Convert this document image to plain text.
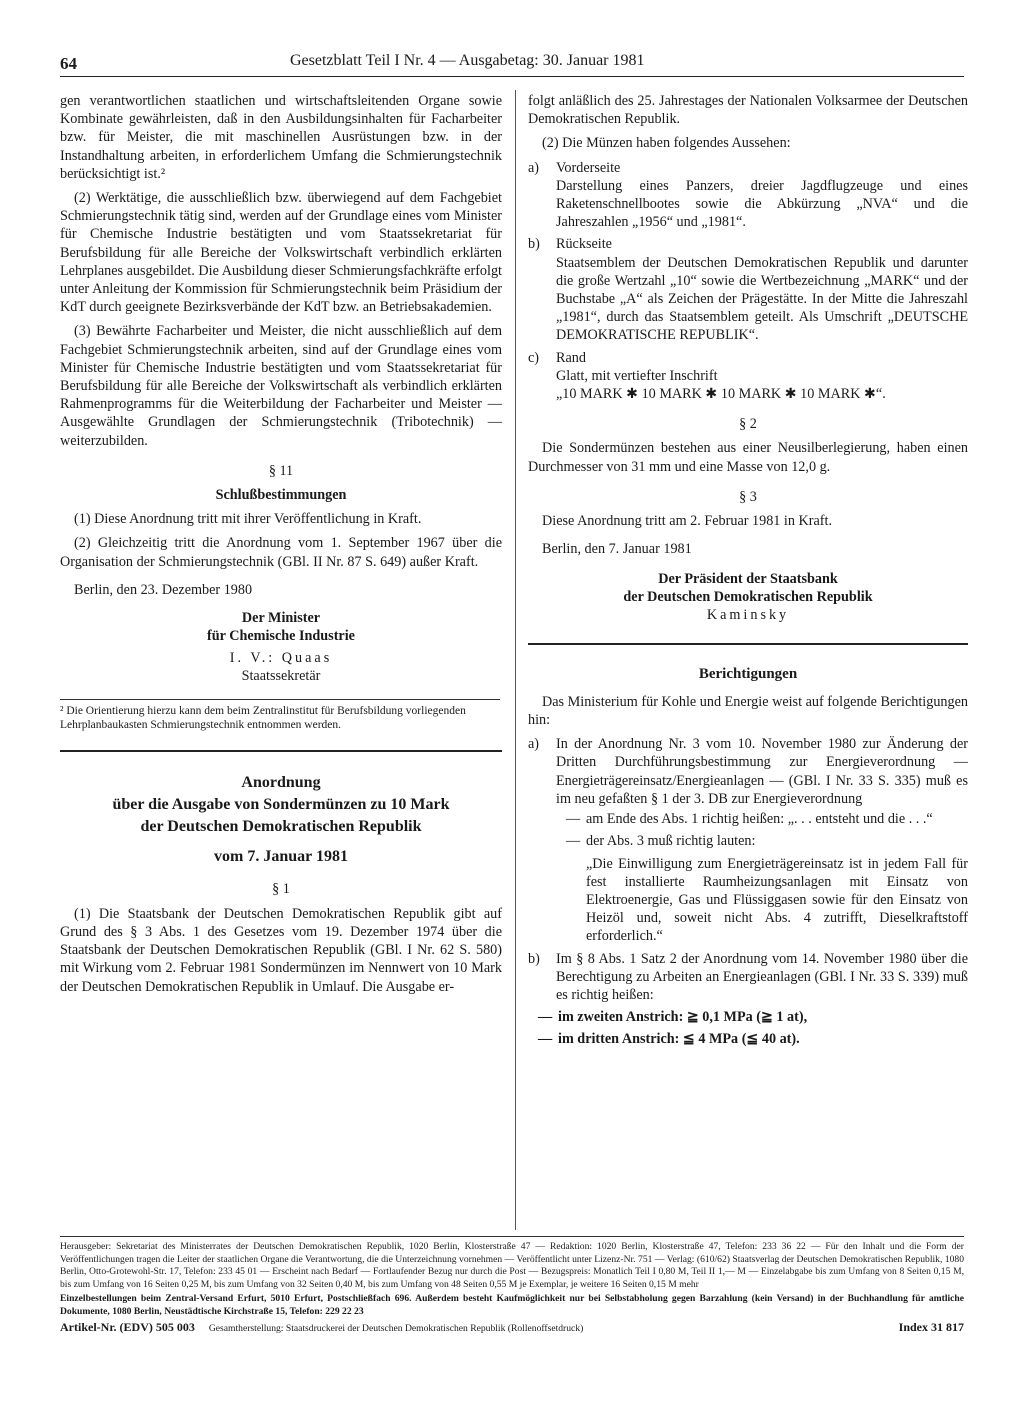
64	Gesetzblatt Teil I Nr. 4 — Ausgabetag: 30. Januar 1981

gen verantwortlichen staatlichen und wirtschaftsleitenden Organe sowie Kombinate gewährleisten, daß in den Ausbildungsinhalten für Facharbeiter bzw. für Meister, die mit maschinellen Ausrüstungen bzw. in der Instandhaltung arbeiten, in erforderlichem Umfang die Schmierungstechnik berücksichtigt ist.²

(2) Werktätige, die ausschließlich bzw. überwiegend auf dem Fachgebiet Schmierungstechnik tätig sind, werden auf der Grundlage eines vom Minister für Chemische Industrie bestätigten und vom Staatssekretariat für Berufsbildung für alle Bereiche der Volkswirtschaft verbindlich erklärten Lehrplanes ausgebildet. Die Ausbildung dieser Schmierungsfachkräfte erfolgt unter Anleitung der Kommission für Schmierungstechnik beim Präsidium der KdT durch geeignete Bezirksverbände der KdT bzw. an Betriebsakademien.

(3) Bewährte Facharbeiter und Meister, die nicht ausschließlich auf dem Fachgebiet Schmierungstechnik arbeiten, sind auf der Grundlage eines vom Minister für Chemische Industrie bestätigten und vom Staatssekretariat für Berufsbildung für alle Bereiche der Volkswirtschaft als verbindlich erklärten Rahmenprogramms für die Weiterbildung der Facharbeiter und Meister — Ausgewählte Grundlagen der Schmierungstechnik (Tribotechnik) — weiterzubilden.

§ 11
Schlußbestimmungen

(1) Diese Anordnung tritt mit ihrer Veröffentlichung in Kraft.

(2) Gleichzeitig tritt die Anordnung vom 1. September 1967 über die Organisation der Schmierungstechnik (GBl. II Nr. 87 S. 649) außer Kraft.

Berlin, den 23. Dezember 1980

Der Minister
für Chemische Industrie
I. V.: Quaas
Staatssekretär
² Die Orientierung hierzu kann dem beim Zentralinstitut für Berufsbildung vorliegenden Lehrplanbaukasten Schmierungstechnik entnommen werden.
Anordnung
über die Ausgabe von Sondermünzen zu 10 Mark
der Deutschen Demokratischen Republik
vom 7. Januar 1981
§ 1

(1) Die Staatsbank der Deutschen Demokratischen Republik gibt auf Grund des § 3 Abs. 1 des Gesetzes vom 19. Dezember 1974 über die Staatsbank der Deutschen Demokratischen Republik (GBl. I Nr. 62 S. 580) mit Wirkung vom 2. Februar 1981 Sondermünzen im Nennwert von 10 Mark der Deutschen Demokratischen Republik in Umlauf. Die Ausgabe er-

folgt anläßlich des 25. Jahrestages der Nationalen Volksarmee der Deutschen Demokratischen Republik.

(2) Die Münzen haben folgendes Aussehen:

a)	Vorderseite
Darstellung eines Panzers, dreier Jagdflugzeuge und eines Raketenschnellbootes sowie die Abkürzung „NVA“ und die Jahreszahlen „1956“ und „1981“.
b)	Rückseite
Staatsemblem der Deutschen Demokratischen Republik und darunter die große Wertzahl „10“ sowie die Wertbezeichnung „MARK“ und der Buchstabe „A“ als Zeichen der Prägestätte. In der Mitte die Jahreszahl „1981“, durch das Staatsemblem geteilt. Als Umschrift „DEUTSCHE DEMOKRATISCHE REPUBLIK“.
c)	Rand
Glatt, mit vertiefter Inschrift
„10 MARK ✱ 10 MARK ✱ 10 MARK ✱ 10 MARK ✱“.
§ 2

Die Sondermünzen bestehen aus einer Neusilberlegierung, haben einen Durchmesser von 31 mm und eine Masse von 12,0 g.

§ 3

Diese Anordnung tritt am 2. Februar 1981 in Kraft.

Berlin, den 7. Januar 1981

Der Präsident der Staatsbank
der Deutschen Demokratischen Republik
Kaminsky
Berichtigungen

Das Ministerium für Kohle und Energie weist auf folgende Berichtigungen hin:

a)	In der Anordnung Nr. 3 vom 10. November 1980 zur Änderung der Dritten Durchführungsbestimmung zur Energieverordnung — Energieträgereinsatz/Energieanlagen — (GBl. I Nr. 33 S. 335) muß es im neu gefaßten § 1 der 3. DB zur Energieverordnung
— am Ende des Abs. 1 richtig heißen: „. . . entsteht und die . . .“
— der Abs. 3 muß richtig lauten:
„Die Einwilligung zum Energieträgereinsatz ist in jedem Fall für fest installierte Raumheizungsanlagen mit Einsatz von Elektroenergie, Gas und Flüssiggasen sowie für den Einsatz von Heizöl und, soweit nicht Abs. 4 zutrifft, Dieselkraftstoff erforderlich.“
b)	Im § 8 Abs. 1 Satz 2 der Anordnung vom 14. November 1980 über die Berechtigung zu Arbeiten an Energieanlagen (GBl. I Nr. 33 S. 339) muß es richtig heißen:
— im zweiten Anstrich: ≧ 0,1 MPa (≧ 1 at),
— im dritten Anstrich: ≦ 4 MPa (≦ 40 at).
Herausgeber: Sekretariat des Ministerrates der Deutschen Demokratischen Republik, 1020 Berlin, Klosterstraße 47 — Redaktion: 1020 Berlin, Klosterstraße 47, Telefon: 233 36 22 — Für den Inhalt und die Form der Veröffentlichungen tragen die Leiter der staatlichen Organe die Verantwortung, die die Unterzeichnung vornehmen — Veröffentlicht unter Lizenz-Nr. 751 — Verlag: (610/62) Staatsverlag der Deutschen Demokratischen Republik, 1080 Berlin, Otto-Grotewohl-Str. 17, Telefon: 233 45 01 — Erscheint nach Bedarf — Fortlaufender Bezug nur durch die Post — Bezugspreis: Monatlich Teil I 0,80 M, Teil II 1,— M — Einzelabgabe bis zum Umfang von 8 Seiten 0,15 M, bis zum Umfang von 16 Seiten 0,25 M, bis zum Umfang von 32 Seiten 0,40 M, bis zum Umfang von 48 Seiten 0,55 M je Exemplar, je weitere 16 Seiten 0,15 M mehr
Einzelbestellungen beim Zentral-Versand Erfurt, 5010 Erfurt, Postschließfach 696. Außerdem besteht Kaufmöglichkeit nur bei Selbstabholung gegen Barzahlung (kein Versand) in der Buchhandlung für amtliche Dokumente, 1080 Berlin, Neustädtische Kirchstraße 15, Telefon: 229 22 23
Artikel-Nr. (EDV) 505 003	Gesamtherstellung: Staatsdruckerei der Deutschen Demokratischen Republik (Rollenoffsetdruck)	Index 31 817
